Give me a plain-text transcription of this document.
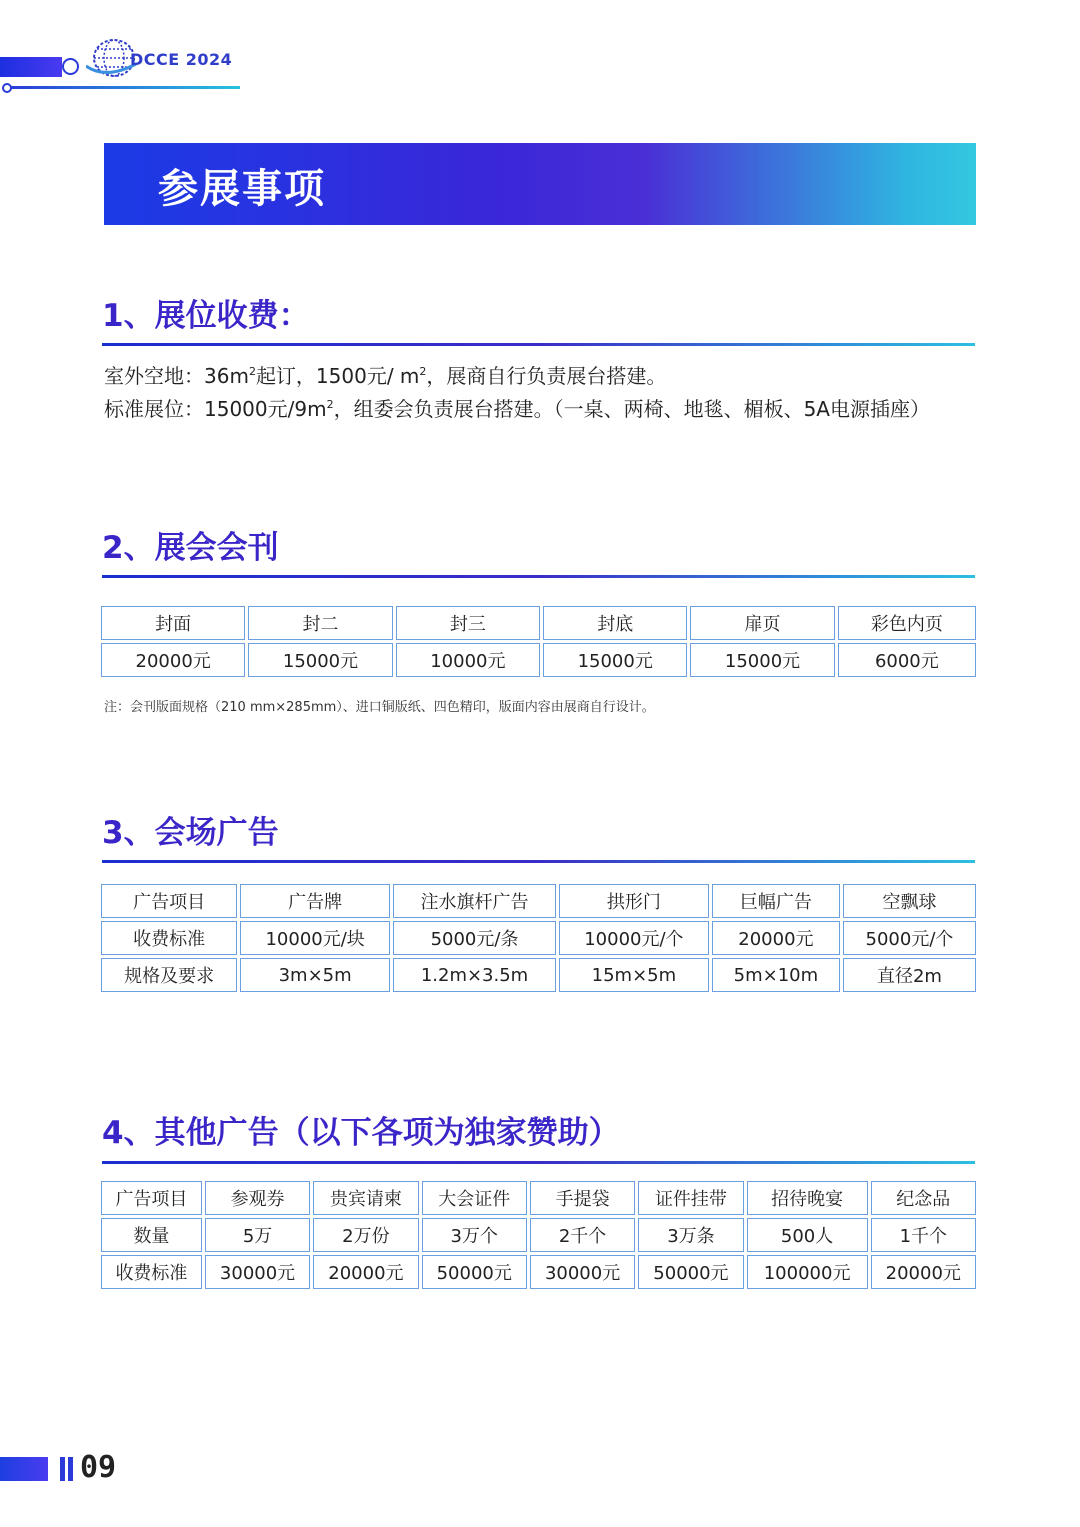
DCCE 2024
参展事项
1、展位收费：

室外空地：$36m^2$起订，1500元/ $m^2$，展商自行负责展台搭建。

标准展位：15000元$/9m^2$，组委会负责展台搭建。（一桌、两椅、地毯、楣板、5A电源插座）

2、展会会刊
封面	封二	封三	封底	扉页	彩色内页
20000元	15000元	10000元	15000元	15000元	6000元
注：会刊版面规格（210 mm×285mm）、进口铜版纸、四色精印，版面内容由展商自行设计。
3、会场广告
广告项目	广告牌	注水旗杆广告	拱形门	巨幅广告	空飘球
收费标准	10000元/块	5000元/条	10000元/个	20000元	5000元/个
规格及要求	3m×5m	1.2m×3.5m	15m×5m	5m×10m	直径2m
4、其他广告（以下各项为独家赞助）
广告项目	参观券	贵宾请柬	大会证件	手提袋	证件挂带	招待晚宴	纪念品
数量	5万	2万份	3万个	2千个	3万条	500人	1千个
收费标准	30000元	20000元	50000元	30000元	50000元	100000元	20000元
09
